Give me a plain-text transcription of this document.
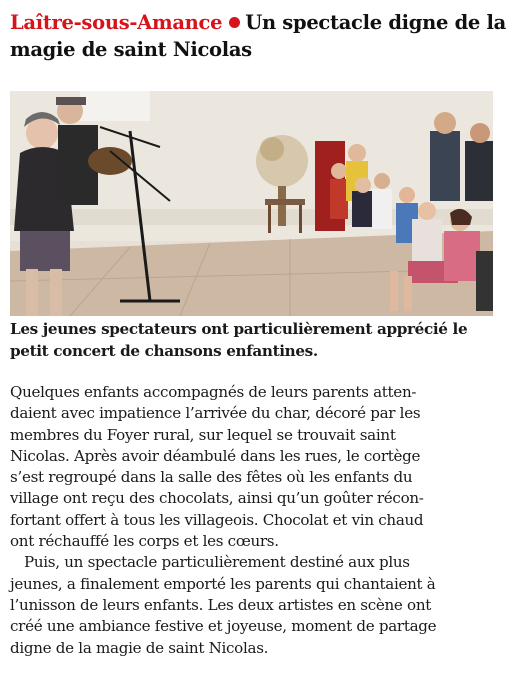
Laître-sous-Amance Un spectacle digne de la
magie de saint Nicolas
Les jeunes spectateurs ont particulièrement apprécié le
petit concert de chansons enfantines.
Quelques enfants accompagnés de leurs parents atten-
daient avec impatience l’arrivée du char, décoré par les
membres du Foyer rural, sur lequel se trouvait saint
Nicolas. Après avoir déambulé dans les rues, le cortège
s’est regroupé dans la salle des fêtes où les enfants du
village ont reçu des chocolats, ainsi qu’un goûter récon-
fortant offert à tous les villageois. Chocolat et vin chaud
ont réchauffé les corps et les cœurs.
Puis, un spectacle particulièrement destiné aux plus
jeunes, a finalement emporté les parents qui chantaient à
l’unisson de leurs enfants. Les deux artistes en scène ont
créé une ambiance festive et joyeuse, moment de partage
digne de la magie de saint Nicolas.
